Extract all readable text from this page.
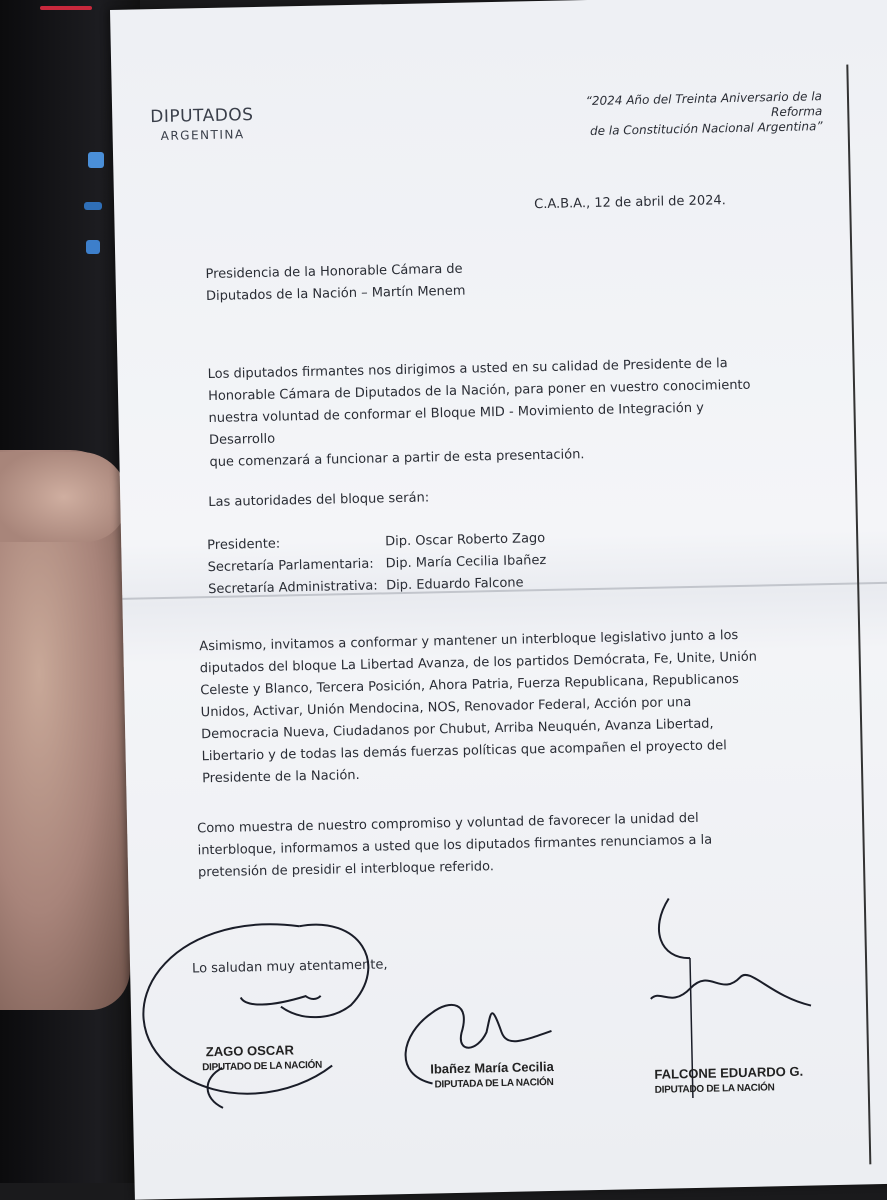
DIPUTADOS
ARGENTINA
“2024 Año del Treinta Aniversario de la Reforma
de la Constitución Nacional Argentina”
C.A.B.A., 12 de abril de 2024.
Presidencia de la Honorable Cámara de
Diputados de la Nación – Martín Menem
Los diputados firmantes nos dirigimos a usted en su calidad de Presidente de la
Honorable Cámara de Diputados de la Nación, para poner en vuestro conocimiento
nuestra voluntad de conformar el Bloque MID - Movimiento de Integración y Desarrollo
que comenzará a funcionar a partir de esta presentación.
Las autoridades del bloque serán:
Presidente:	Dip. Oscar Roberto Zago
Secretaría Parlamentaria: Dip. María Cecilia Ibañez
Secretaría Administrativa: Dip. Eduardo Falcone
Asimismo, invitamos a conformar y mantener un interbloque legislativo junto a los
diputados del bloque La Libertad Avanza, de los partidos Demócrata, Fe, Unite, Unión
Celeste y Blanco, Tercera Posición, Ahora Patria, Fuerza Republicana, Republicanos
Unidos, Activar, Unión Mendocina, NOS, Renovador Federal, Acción por una
Democracia Nueva, Ciudadanos por Chubut, Arriba Neuquén, Avanza Libertad,
Libertario y de todas las demás fuerzas políticas que acompañen el proyecto del
Presidente de la Nación.
Como muestra de nuestro compromiso y voluntad de favorecer la unidad del
interbloque, informamos a usted que los diputados firmantes renunciamos a la
pretensión de presidir el interbloque referido.
Lo saludan muy atentamente,
ZAGO OSCAR
DIPUTADO DE LA NACIÓN	Ibañez María Cecilia
DIPUTADA DE LA NACIÓN
FALCONE EDUARDO G.
DIPUTADO DE LA NACIÓN
